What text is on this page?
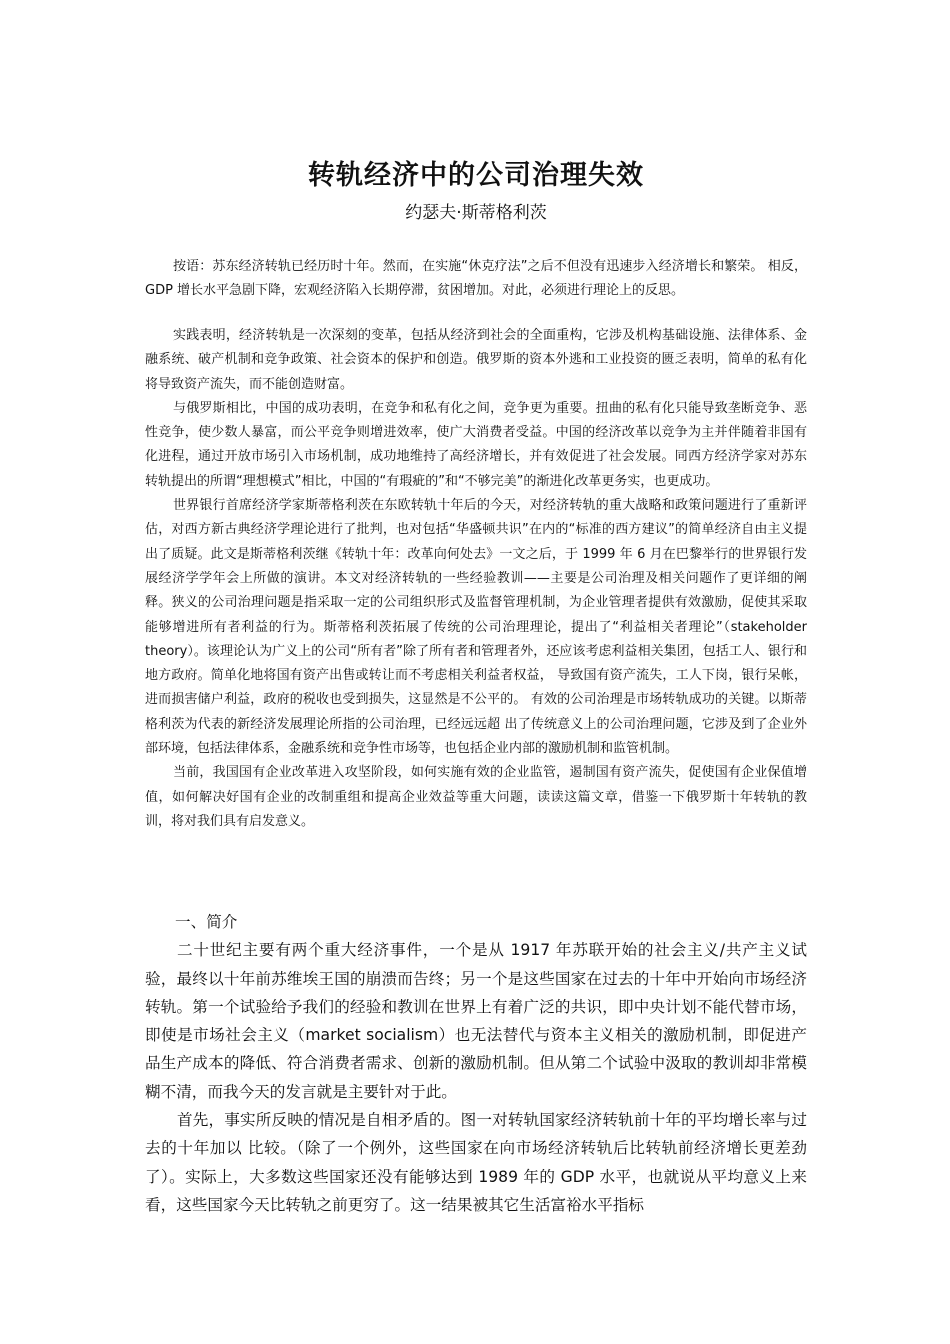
转轨经济中的公司治理失效
约瑟夫·斯蒂格利茨

按语：苏东经济转轨已经历时十年。然而，在实施“休克疗法”之后不但没有迅速步入经济增长和繁荣。 相反，GDP 增长水平急剧下降，宏观经济陷入长期停滞，贫困增加。对此，必须进行理论上的反思。

实践表明，经济转轨是一次深刻的变革，包括从经济到社会的全面重构，它涉及机构基础设施、法律体系、金融系统、破产机制和竞争政策、社会资本的保护和创造。俄罗斯的资本外逃和工业投资的匮乏表明，简单的私有化将导致资产流失，而不能创造财富。

与俄罗斯相比，中国的成功表明，在竞争和私有化之间，竞争更为重要。扭曲的私有化只能导致垄断竞争、恶性竞争，使少数人暴富，而公平竞争则增进效率，使广大消费者受益。中国的经济改革以竞争为主并伴随着非国有化进程，通过开放市场引入市场机制，成功地维持了高经济增长，并有效促进了社会发展。同西方经济学家对苏东转轨提出的所谓“理想模式”相比，中国的“有瑕疵的”和“不够完美”的渐进化改革更务实，也更成功。

世界银行首席经济学家斯蒂格利茨在东欧转轨十年后的今天，对经济转轨的重大战略和政策问题进行了重新评估，对西方新古典经济学理论进行了批判，也对包括“华盛顿共识”在内的“标准的西方建议”的简单经济自由主义提出了质疑。此文是斯蒂格利茨继《转轨十年：改革向何处去》一文之后，于 1999 年 6 月在巴黎举行的世界银行发展经济学学年会上所做的演讲。本文对经济转轨的一些经验教训——主要是公司治理及相关问题作了更详细的阐释。狭义的公司治理问题是指采取一定的公司组织形式及监督管理机制，为企业管理者提供有效激励，促使其采取能够增进所有者利益的行为。斯蒂格利茨拓展了传统的公司治理理论，提出了“利益相关者理论”（stakeholder theory）。该理论认为广义上的公司“所有者”除了所有者和管理者外，还应该考虑利益相关集团，包括工人、银行和地方政府。简单化地将国有资产出售或转让而不考虑相关利益者权益， 导致国有资产流失，工人下岗，银行呆帐，进而损害储户利益，政府的税收也受到损失，这显然是不公平的。 有效的公司治理是市场转轨成功的关键。以斯蒂格利茨为代表的新经济发展理论所指的公司治理，已经远远超 出了传统意义上的公司治理问题，它涉及到了企业外部环境，包括法律体系，金融系统和竞争性市场等，也包括企业内部的激励机制和监管机制。

当前，我国国有企业改革进入攻坚阶段，如何实施有效的企业监管，遏制国有资产流失，促使国有企业保值增值，如何解决好国有企业的改制重组和提高企业效益等重大问题，读读这篇文章，借鉴一下俄罗斯十年转轨的教训，将对我们具有启发意义。

一、简介

二十世纪主要有两个重大经济事件，一个是从 1917 年苏联开始的社会主义/共产主义试验，最终以十年前苏维埃王国的崩溃而告终；另一个是这些国家在过去的十年中开始向市场经济转轨。第一个试验给予我们的经验和教训在世界上有着广泛的共识，即中央计划不能代替市场，即使是市场社会主义（market socialism）也无法替代与资本主义相关的激励机制，即促进产品生产成本的降低、符合消费者需求、创新的激励机制。但从第二个试验中汲取的教训却非常模糊不清，而我今天的发言就是主要针对于此。

首先，事实所反映的情况是自相矛盾的。图一对转轨国家经济转轨前十年的平均增长率与过去的十年加以 比较。（除了一个例外，这些国家在向市场经济转轨后比转轨前经济增长更差劲了）。实际上，大多数这些国家还没有能够达到 1989 年的 GDP 水平，也就说从平均意义上来看，这些国家今天比转轨之前更穷了。这一结果被其它生活富裕水平指标
